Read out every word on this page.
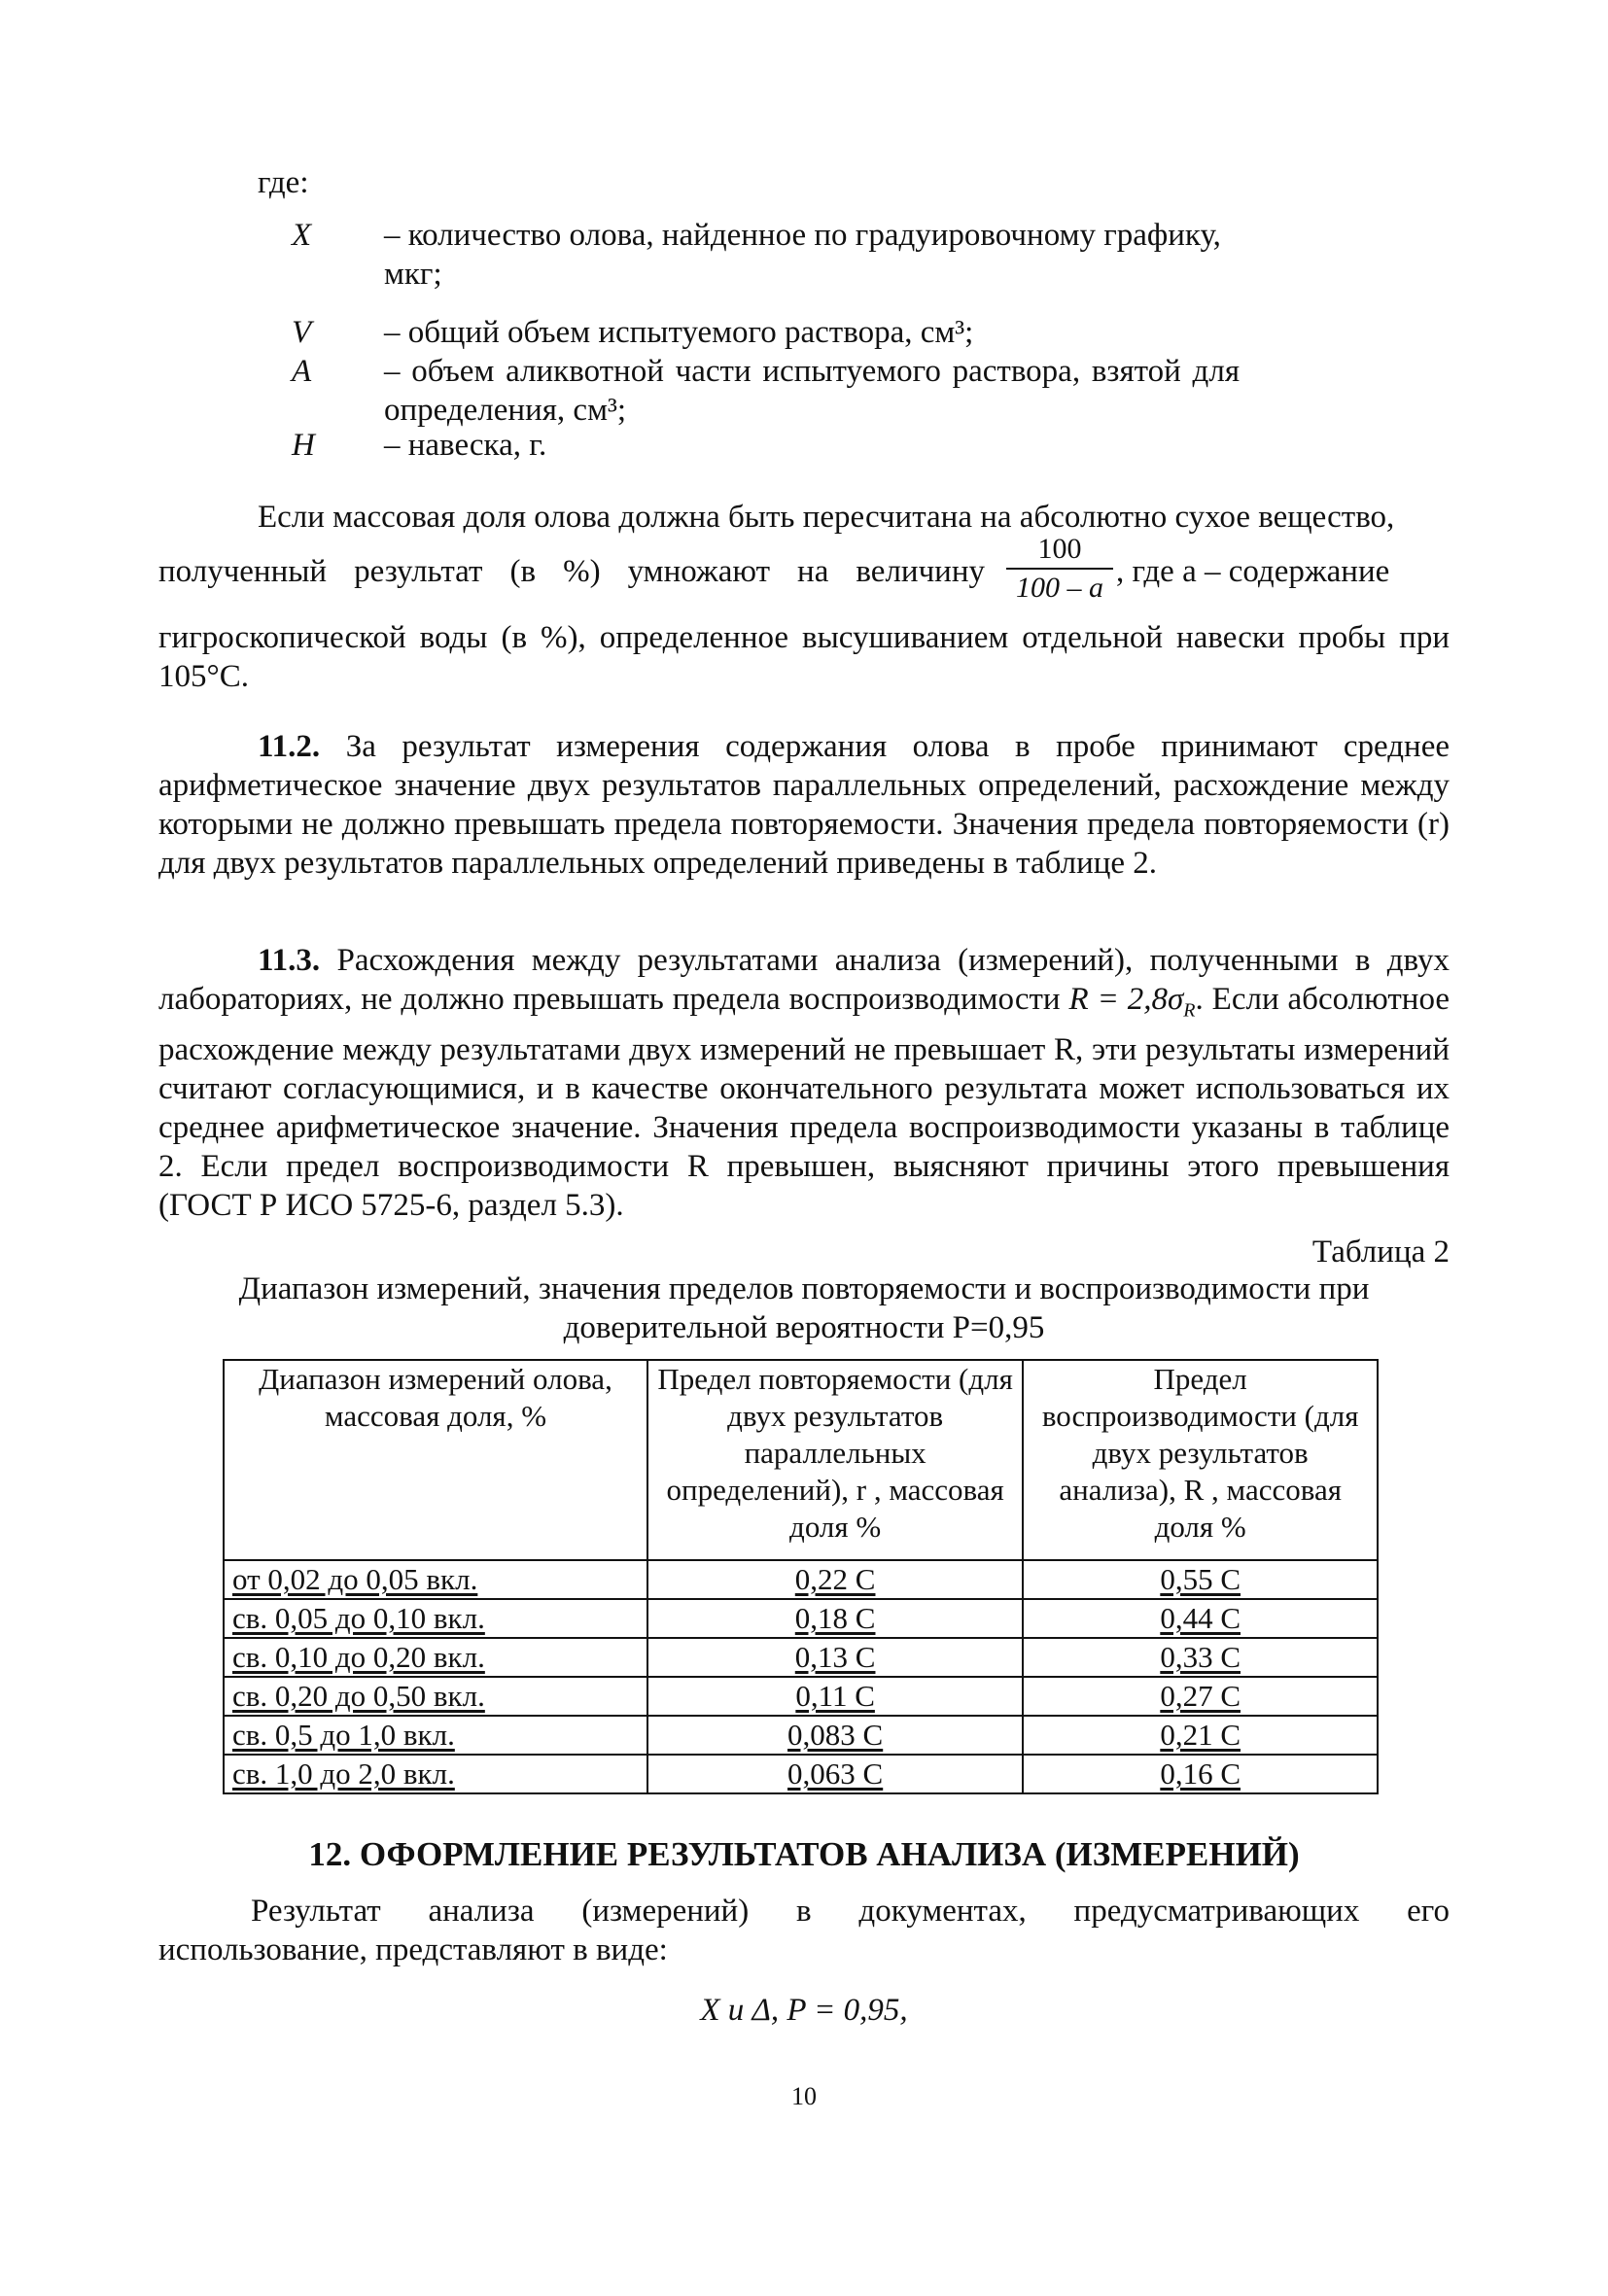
где:
X	– количество олова, найденное по градуировочному графику, мкг;
V	– общий объем испытуемого раствора, см³;
A	– объем аликвотной части испытуемого раствора, взятой для определения, см³;
H	– навеска, г.
Если массовая доля олова должна быть пересчитана на абсолютно сухое вещество,
полученный результат (в %) умножают на величину $\frac{100}{100 - a}$ , где a – содержание
гигроскопической воды (в %), определенное высушиванием отдельной навески пробы при 105°С.
11.2. За результат измерения содержания олова в пробе принимают среднее арифметическое значение двух результатов параллельных определений, расхождение между которыми не должно превышать предела повторяемости. Значения предела повторяемости (r) для двух результатов параллельных определений приведены в таблице 2.
11.3. Расхождения между результатами анализа (измерений), полученными в двух лабораториях, не должно превышать предела воспроизводимости $R = 2,8\sigma_R$. Если абсолютное расхождение между результатами двух измерений не превышает R, эти результаты измерений считают согласующимися, и в качестве окончательного результата может использоваться их среднее арифметическое значение. Значения предела воспроизводимости указаны в таблице 2. Если предел воспроизводимости R превышен, выясняют причины этого превышения (ГОСТ Р ИСО 5725-6, раздел 5.3).
Таблица 2
Диапазон измерений, значения пределов повторяемости и воспроизводимости при
доверительной вероятности P=0,95
Диапазон измерений олова, массовая доля, %	Предел повторяемости (для двух результатов параллельных определений), r , массовая доля %	Предел воспроизводимости (для двух результатов анализа), R , массовая доля %
от 0,02 до 0,05 вкл.	0,22 С	0,55 С
св. 0,05 до 0,10 вкл.	0,18 С	0,44 С
св. 0,10 до 0,20 вкл.	0,13 С	0,33 С
св. 0,20 до 0,50 вкл.	0,11 С	0,27 С
св. 0,5 до 1,0 вкл.	0,083 С	0,21 С
св. 1,0 до 2,0 вкл.	0,063 С	0,16 С
12. ОФОРМЛЕНИЕ РЕЗУЛЬТАТОВ АНАЛИЗА (ИЗМЕРЕНИЙ)
Результат анализа (измерений) в документах, предусматривающих его
использование, представляют в виде:
X и Δ, P = 0,95,
10
